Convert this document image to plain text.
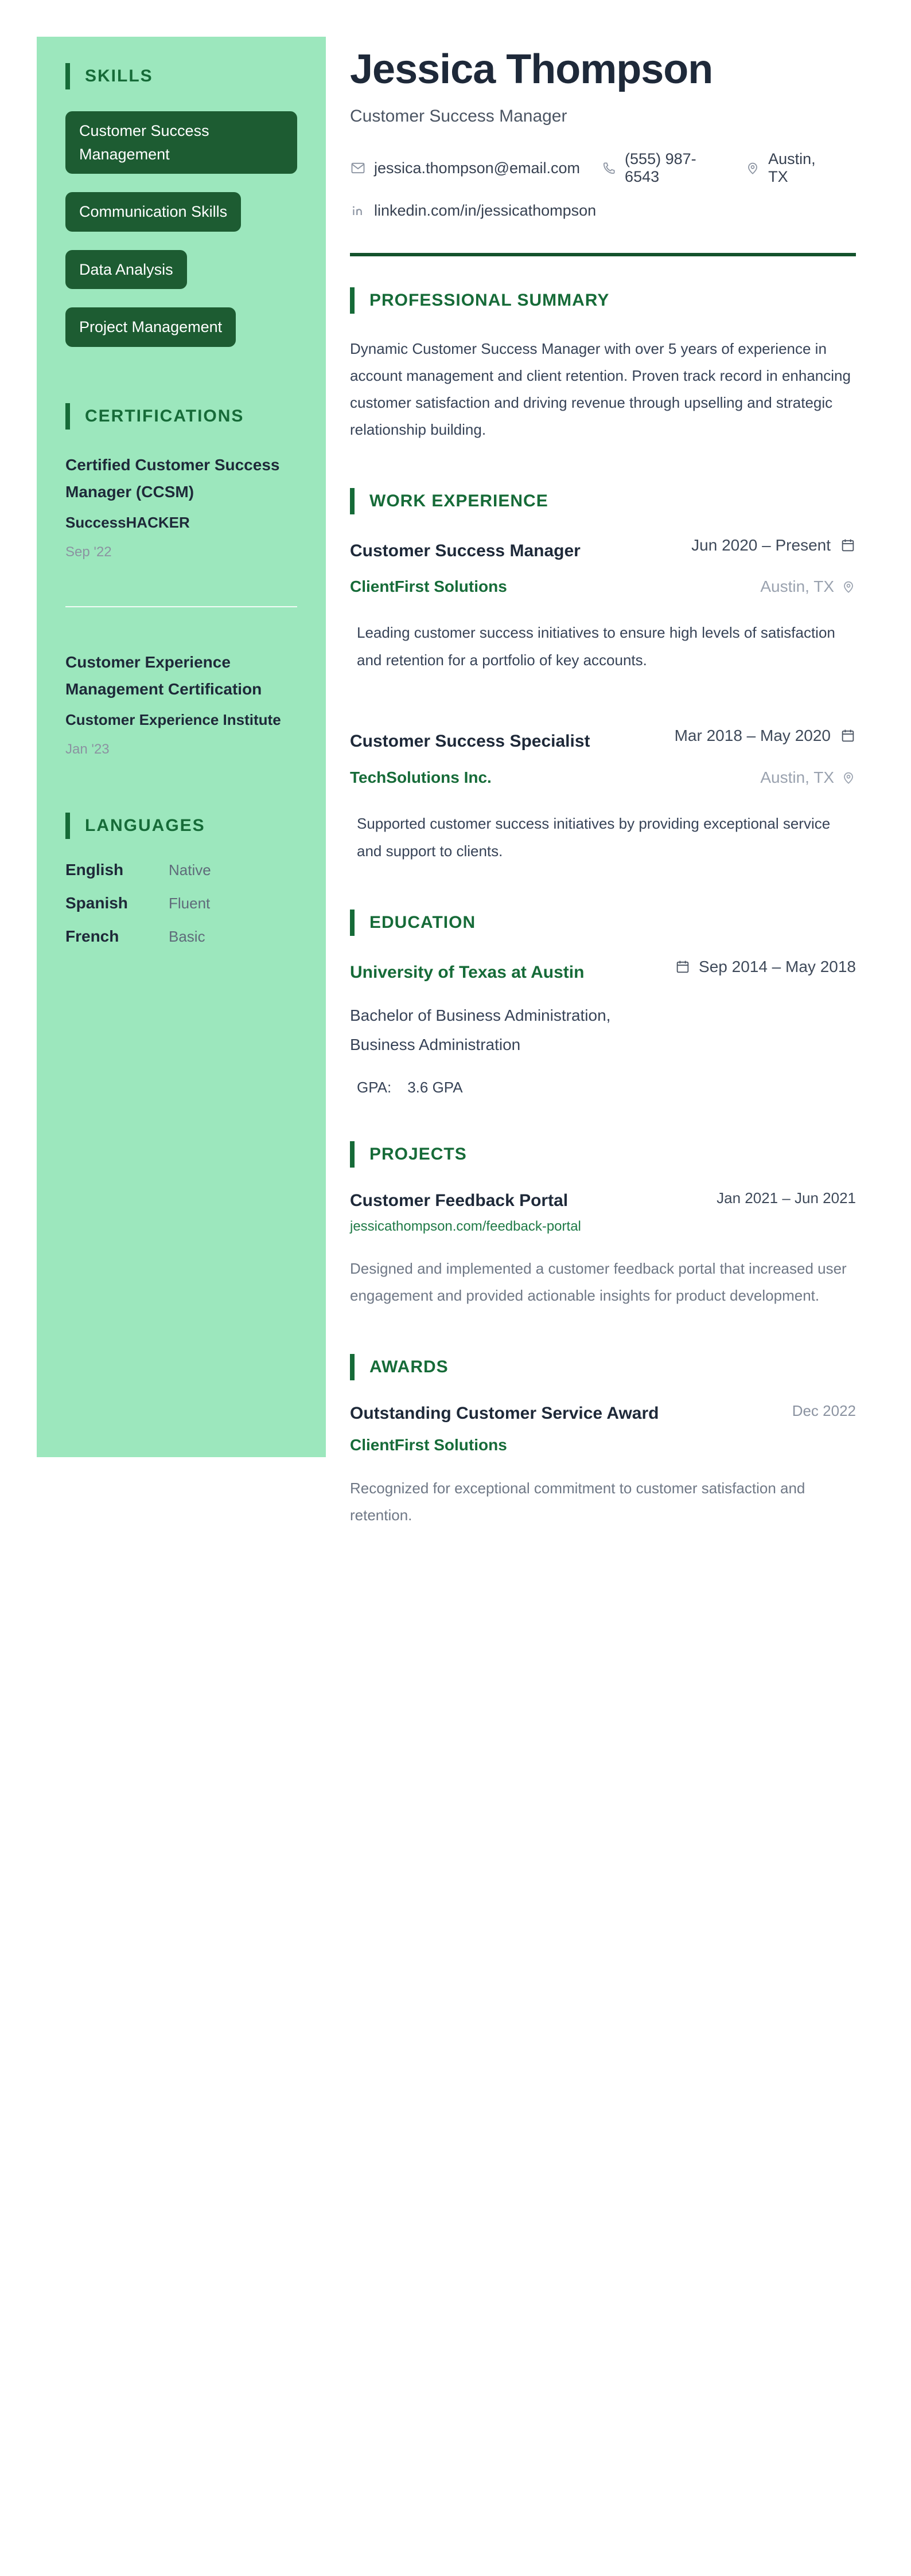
SKILLS
Customer Success Management
Communication Skills
Data Analysis
Project Management
CERTIFICATIONS
Certified Customer Success Manager (CCSM)
SuccessHACKER
Sep '22
Customer Experience Management Certification
Customer Experience Institute
Jan '23
LANGUAGES
English	Native
Spanish	Fluent
French	Basic
Jessica Thompson
Customer Success Manager
jessica.thompson@email.com
(555) 987-6543
Austin, TX
linkedin.com/in/jessicathompson
PROFESSIONAL SUMMARY

Dynamic Customer Success Manager with over 5 years of experience in account management and client retention. Proven track record in enhancing customer satisfaction and driving revenue through upselling and strategic relationship building.

WORK EXPERIENCE
Customer Success Manager
ClientFirst Solutions
Jun 2020 – Present
Austin, TX
Leading customer success initiatives to ensure high levels of satisfaction and retention for a portfolio of key accounts.
Customer Success Specialist
TechSolutions Inc.
Mar 2018 – May 2020
Austin, TX
Supported customer success initiatives by providing exceptional service and support to clients.
EDUCATION
University of Texas at Austin
Bachelor of Business Administration, Business Administration
GPA: 3.6 GPA
Sep 2014 – May 2018
PROJECTS
Customer Feedback Portal
jessicathompson.com/feedback-portal
Jan 2021 – Jun 2021
Designed and implemented a customer feedback portal that increased user engagement and provided actionable insights for product development.
AWARDS
Outstanding Customer Service Award
ClientFirst Solutions
Dec 2022
Recognized for exceptional commitment to customer satisfaction and retention.
